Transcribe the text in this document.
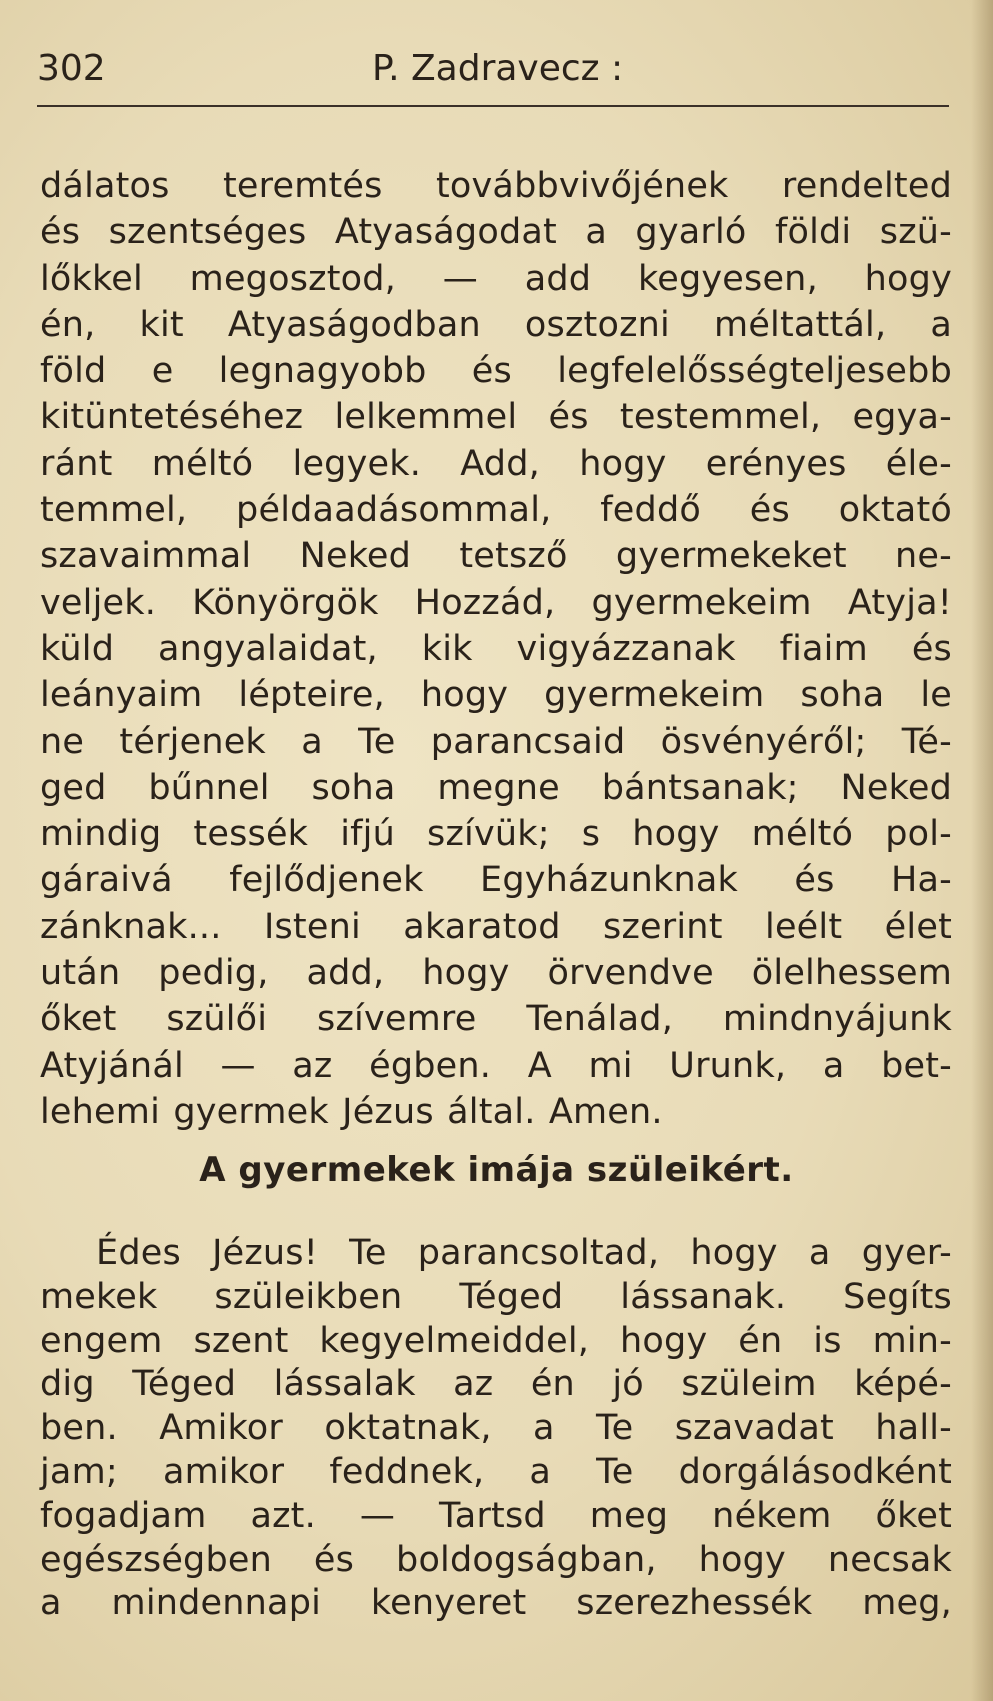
302	P. Zadravecz :
dálatos teremtés továbbvivőjének rendelted
és szentséges Atyaságodat a gyarló földi szü-
lőkkel megosztod, — add kegyesen, hogy
én, kit Atyaságodban osztozni méltattál, a
föld e legnagyobb és legfelelősségteljesebb
kitüntetéséhez lelkemmel és testemmel, egya-
ránt méltó legyek. Add, hogy erényes éle-
temmel, példaadásommal, feddő és oktató
szavaimmal Neked tetsző gyermekeket ne-
veljek. Könyörgök Hozzád, gyermekeim Atyja!
küld angyalaidat, kik vigyázzanak fiaim és
leányaim lépteire, hogy gyermekeim soha le
ne térjenek a Te parancsaid ösvényéről; Té-
ged bűnnel soha megne bántsanak; Neked
mindig tessék ifjú szívük; s hogy méltó pol-
gáraivá fejlődjenek Egyházunknak és Ha-
zánknak... Isteni akaratod szerint leélt élet
után pedig, add, hogy örvendve ölelhessem
őket szülői szívemre Tenálad, mindnyájunk
Atyjánál — az égben. A mi Urunk, a bet-
lehemi gyermek Jézus által. Amen.
A gyermekek imája szüleikért.
Édes Jézus! Te parancsoltad, hogy a gyer-
mekek szüleikben Téged lássanak. Segíts
engem szent kegyelmeiddel, hogy én is min-
dig Téged lássalak az én jó szüleim képé-
ben. Amikor oktatnak, a Te szavadat hall-
jam; amikor feddnek, a Te dorgálásodként
fogadjam azt. — Tartsd meg nékem őket
egészségben és boldogságban, hogy necsak
a mindennapi kenyeret szerezhessék meg,
